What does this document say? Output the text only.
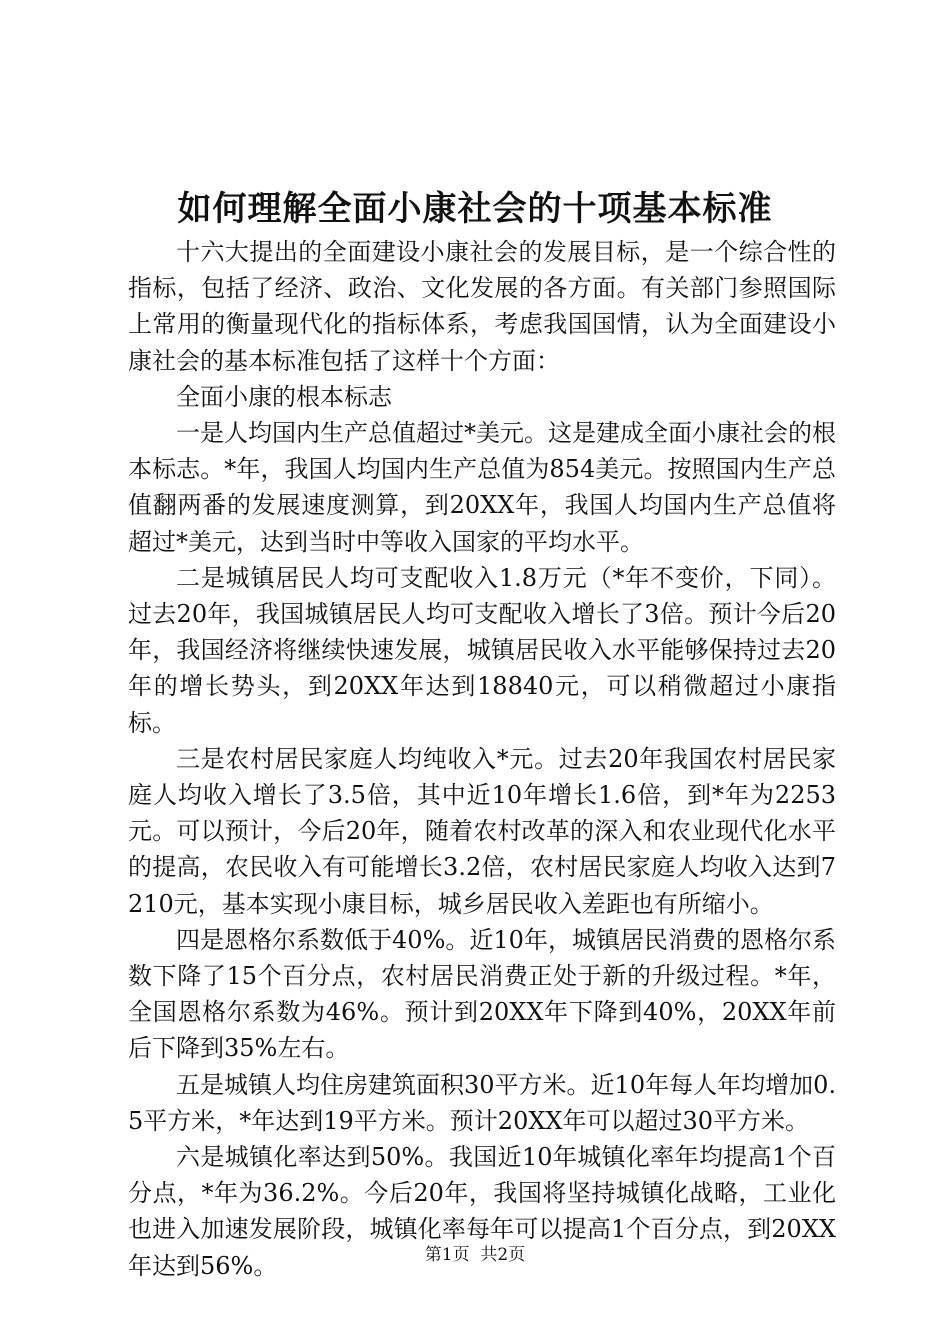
如何理解全面小康社会的十项基本标准

十六大提出的全面建设小康社会的发展目标，是一个综合性的指标，包括了经济、政治、文化发展的各方面。有关部门参照国际上常用的衡量现代化的指标体系，考虑我国国情，认为全面建设小康社会的基本标准包括了这样十个方面：

全面小康的根本标志

一是人均国内生产总值超过*美元。这是建成全面小康社会的根本标志。*年，我国人均国内生产总值为854美元。按照国内生产总值翻两番的发展速度测算，到20XX年，我国人均国内生产总值将超过*美元，达到当时中等收入国家的平均水平。

二是城镇居民人均可支配收入1.8万元（*年不变价，下同）。过去20年，我国城镇居民人均可支配收入增长了3倍。预计今后20年，我国经济将继续快速发展，城镇居民收入水平能够保持过去20年的增长势头，到20XX年达到18840元，可以稍微超过小康指标。

三是农村居民家庭人均纯收入*元。过去20年我国农村居民家庭人均收入增长了3.5倍，其中近10年增长1.6倍，到*年为2253元。可以预计，今后20年，随着农村改革的深入和农业现代化水平的提高，农民收入有可能增长3.2倍，农村居民家庭人均收入达到7210元，基本实现小康目标，城乡居民收入差距也有所缩小。

四是恩格尔系数低于40%。近10年，城镇居民消费的恩格尔系数下降了15个百分点，农村居民消费正处于新的升级过程。*年，全国恩格尔系数为46%。预计到20XX年下降到40%，20XX年前后下降到35%左右。

五是城镇人均住房建筑面积30平方米。近10年每人年均增加0.5平方米，*年达到19平方米。预计20XX年可以超过30平方米。

六是城镇化率达到50%。我国近10年城镇化率年均提高1个百分点，*年为36.2%。今后20年，我国将坚持城镇化战略，工业化也进入加速发展阶段，城镇化率每年可以提高1个百分点，到20XX年达到56%。	第1页 共2页
